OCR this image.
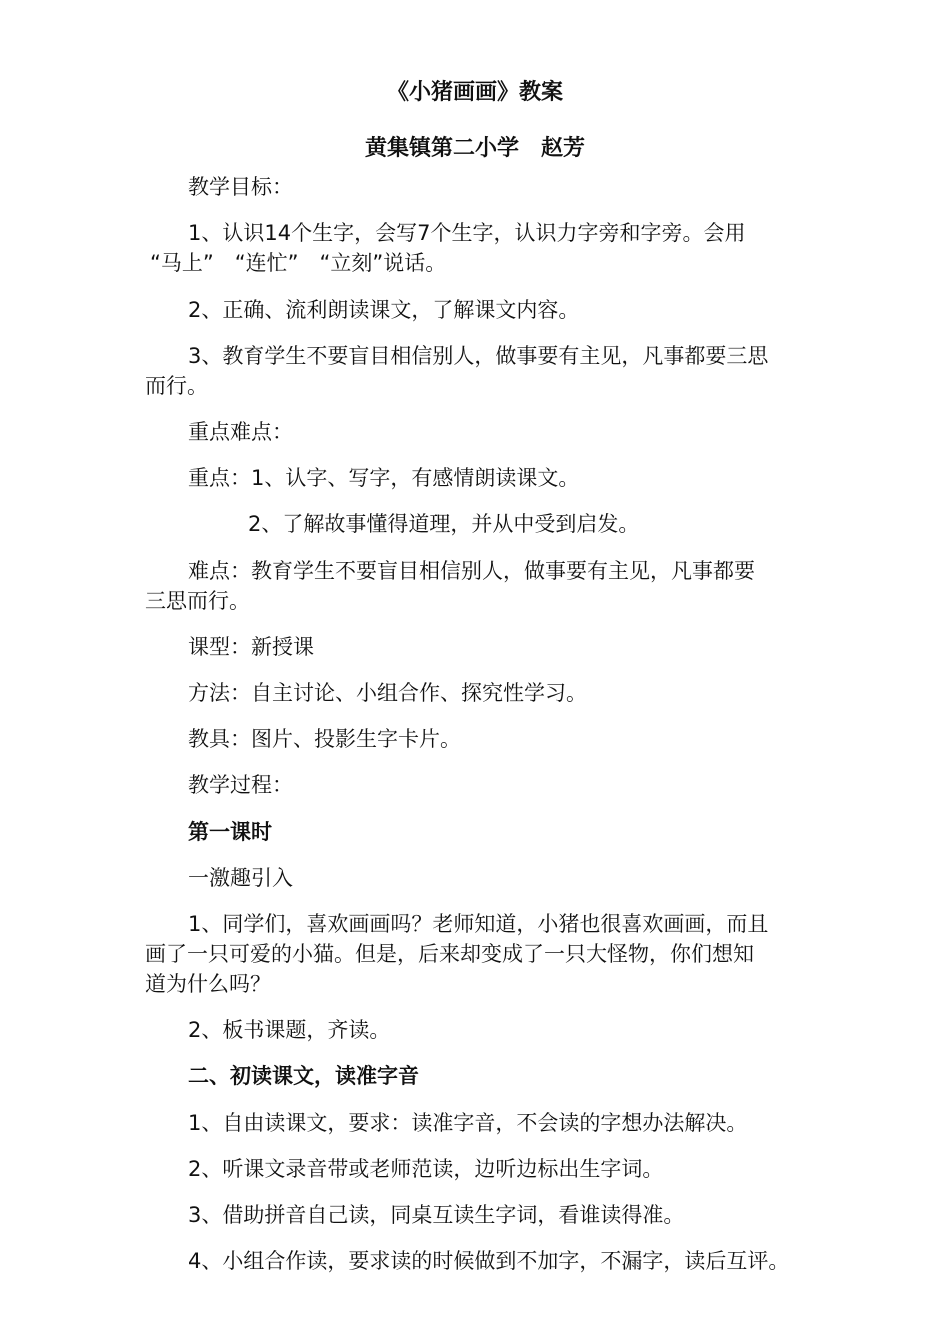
《小猪画画》教案
黄集镇第二小学　赵芳
教学目标：
1、认识14个生字，会写7个生字，认识力字旁和字旁。会用
“马上”　“连忙”　“立刻”说话。
2、正确、流利朗读课文，了解课文内容。
3、教育学生不要盲目相信别人，做事要有主见，凡事都要三思
而行。
重点难点：
重点：1、认字、写字，有感情朗读课文。
2、了解故事懂得道理，并从中受到启发。
难点：教育学生不要盲目相信别人，做事要有主见，凡事都要
三思而行。
课型：新授课
方法：自主讨论、小组合作、探究性学习。
教具：图片、投影生字卡片。
教学过程：
第一课时
一激趣引入
1、同学们，喜欢画画吗？老师知道，小猪也很喜欢画画，而且
画了一只可爱的小猫。但是，后来却变成了一只大怪物，你们想知
道为什么吗？
2、板书课题，齐读。
二、初读课文，读准字音
1、自由读课文，要求：读准字音，不会读的字想办法解决。
2、听课文录音带或老师范读，边听边标出生字词。
3、借助拼音自己读，同桌互读生字词，看谁读得准。
4、小组合作读，要求读的时候做到不加字，不漏字，读后互评。
